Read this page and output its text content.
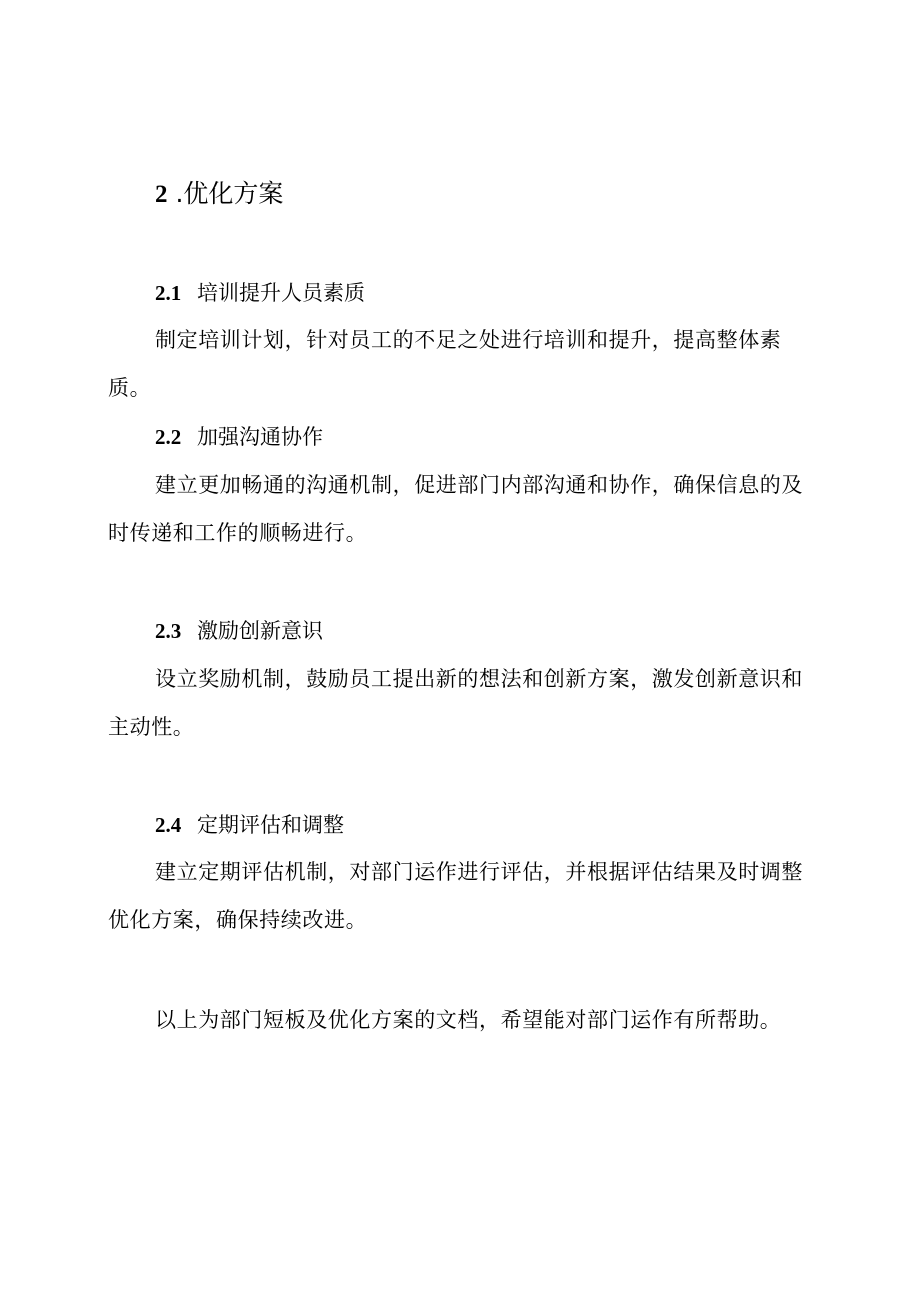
2 .优化方案
2.1 培训提升人员素质

制定培训计划，针对员工的不足之处进行培训和提升，提高整体素质。

2.2 加强沟通协作

建立更加畅通的沟通机制，促进部门内部沟通和协作，确保信息的及时传递和工作的顺畅进行。

2.3 激励创新意识

设立奖励机制，鼓励员工提出新的想法和创新方案，激发创新意识和主动性。

2.4 定期评估和调整

建立定期评估机制，对部门运作进行评估，并根据评估结果及时调整优化方案，确保持续改进。

以上为部门短板及优化方案的文档，希望能对部门运作有所帮助。
